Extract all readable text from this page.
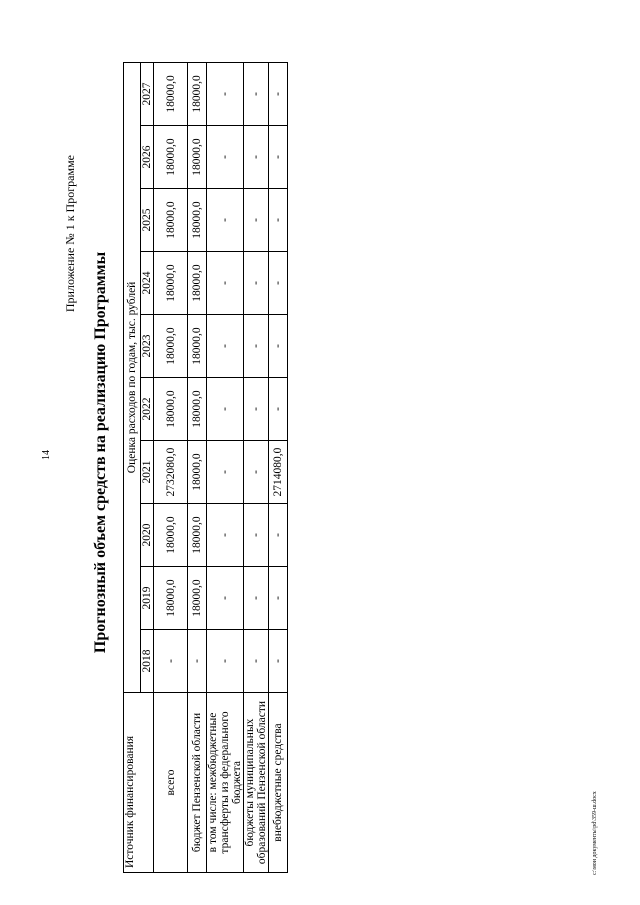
14
Приложение № 1 к Программе
Прогнозный объем средств на реализацию Программы
Источник финансирования	Оценка расходов по годам, тыс. рублей									
	2018	2019	2020	2021	2022	2023	2024	2025	2026	2027
всего	-	18000,0	18000,0	2732080,0	18000,0	18000,0	18000,0	18000,0	18000,0	18000,0
бюджет Пензенской области	-	18000,0	18000,0	18000,0	18000,0	18000,0	18000,0	18000,0	18000,0	18000,0
в том числе: межбюджетные трансферты из федерального бюджета	-	-	-	-	-	-	-	-	-	-
бюджеты муниципальных образований Пензенской области	-	-	-	-	-	-	-	-	-	-
внебюджетные средства	-	-	-	2714080,0	-	-	-	-	-	-
c:\мои документы\pd\359-ш.docx
